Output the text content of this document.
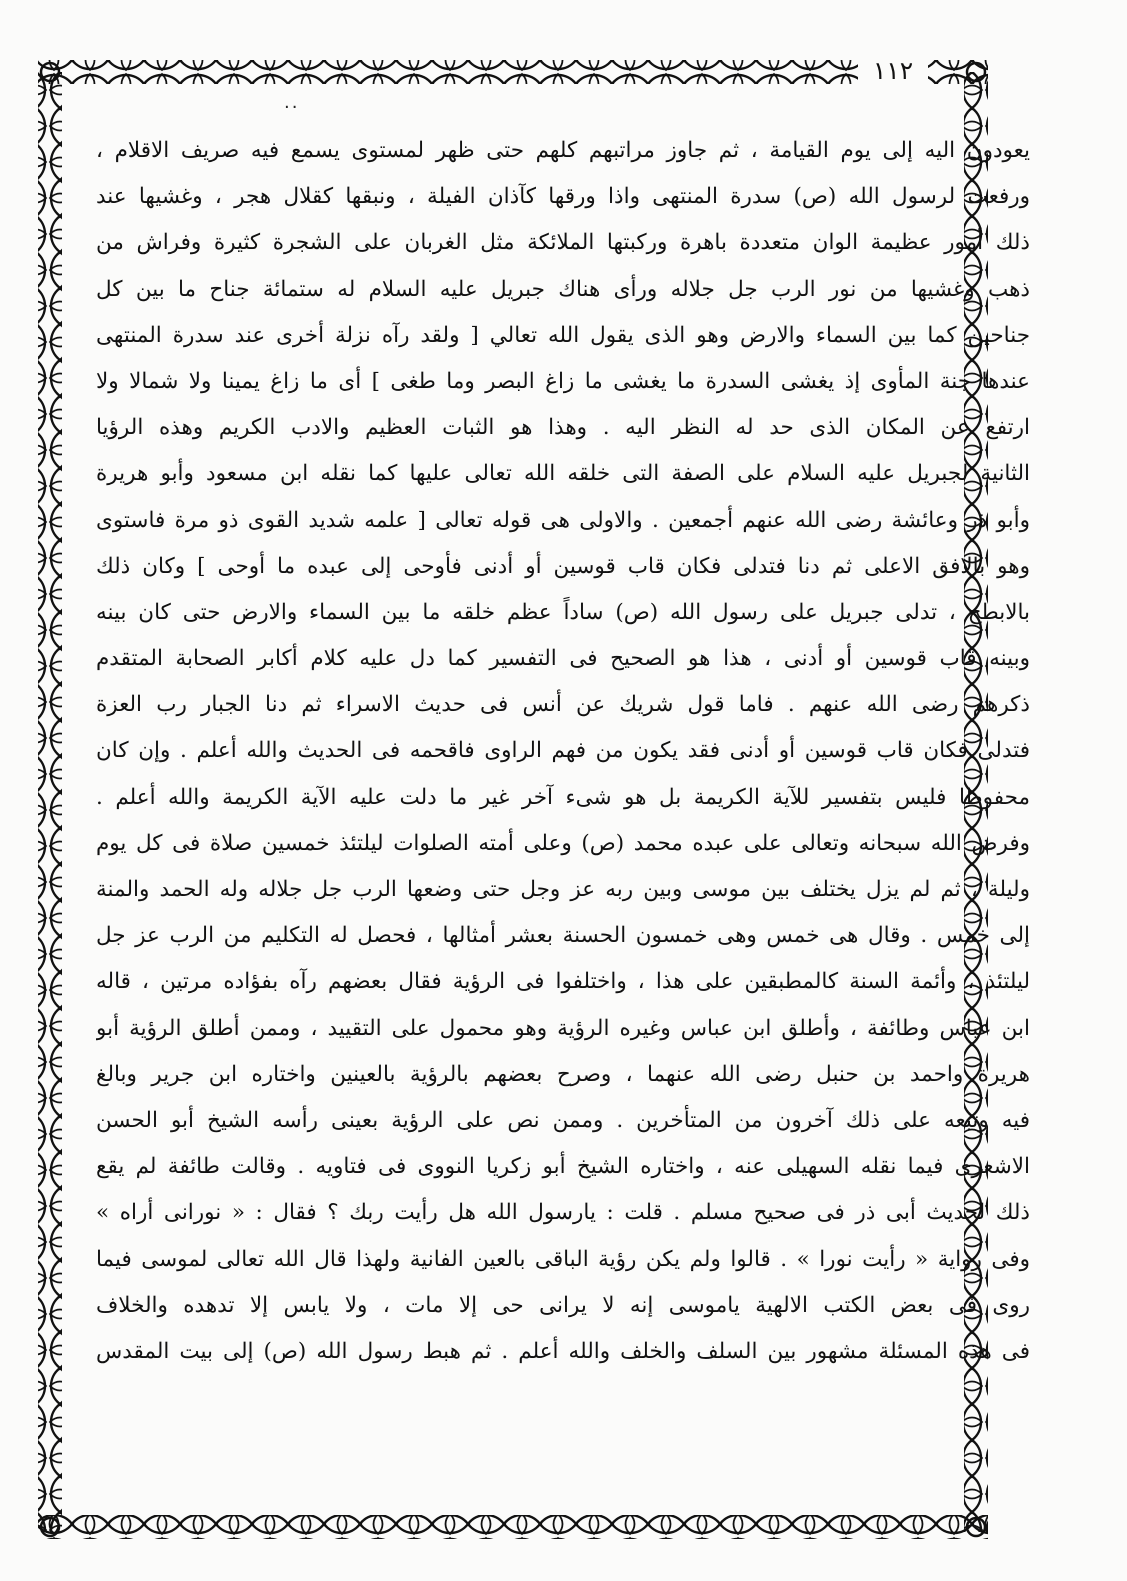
١١٢
..
يعودون اليه إلى يوم القيامة ، ثم جاوز مراتبهم كلهم حتى ظهر لمستوى يسمع فيه صريف الاقلام ،
ورفعت لرسول الله (ص) سدرة المنتهى واذا ورقها كآذان الفيلة ، ونبقها كقلال هجر ، وغشيها عند
ذلك أمور عظيمة الوان متعددة باهرة وركبتها الملائكة مثل الغربان على الشجرة كثيرة وفراش من
ذهب وغشيها من نور الرب جل جلاله ورأى هناك جبريل عليه السلام له ستمائة جناح ما بين كل
جناحين كما بين السماء والارض وهو الذى يقول الله تعالي [ ولقد رآه نزلة أخرى عند سدرة المنتهى
عندها جنة المأوى إذ يغشى السدرة ما يغشى ما زاغ البصر وما طغى ] أى ما زاغ يمينا ولا شمالا ولا
ارتفع عن المكان الذى حد له النظر اليه . وهذا هو الثبات العظيم والادب الكريم وهذه الرؤيا
الثانية لجبريل عليه السلام على الصفة التى خلقه الله تعالى عليها كما نقله ابن مسعود وأبو هريرة
وأبو ذر وعائشة رضى الله عنهم أجمعين . والاولى هى قوله تعالى [ علمه شديد القوى ذو مرة فاستوى
وهو بالافق الاعلى ثم دنا فتدلى فكان قاب قوسين أو أدنى فأوحى إلى عبده ما أوحى ] وكان ذلك
بالابطح ، تدلى جبريل على رسول الله (ص) ساداً عظم خلقه ما بين السماء والارض حتى كان بينه
وبينه قاب قوسين أو أدنى ، هذا هو الصحيح فى التفسير كما دل عليه كلام أكابر الصحابة المتقدم
ذكرهم رضى الله عنهم . فاما قول شريك عن أنس فى حديث الاسراء ثم دنا الجبار رب العزة
فتدلى فكان قاب قوسين أو أدنى فقد يكون من فهم الراوى فاقحمه فى الحديث والله أعلم . وإن كان
محفوظا فليس بتفسير للآية الكريمة بل هو شىء آخر غير ما دلت عليه الآية الكريمة والله أعلم .
وفرض الله سبحانه وتعالى على عبده محمد (ص) وعلى أمته الصلوات ليلتئذ خمسين صلاة فى كل يوم
وليلة ، ثم لم يزل يختلف بين موسى وبين ربه عز وجل حتى وضعها الرب جل جلاله وله الحمد والمنة
إلى خمس . وقال هى خمس وهى خمسون الحسنة بعشر أمثالها ، فحصل له التكليم من الرب عز جل
ليلتئذ ، وأئمة السنة كالمطبقين على هذا ، واختلفوا فى الرؤية فقال بعضهم رآه بفؤاده مرتين ، قاله
ابن عباس وطائفة ، وأطلق ابن عباس وغيره الرؤية وهو محمول على التقييد ، وممن أطلق الرؤية أبو
هريرة واحمد بن حنبل رضى الله عنهما ، وصرح بعضهم بالرؤية بالعينين واختاره ابن جرير وبالغ
فيه وتبعه على ذلك آخرون من المتأخرين . وممن نص على الرؤية بعينى رأسه الشيخ أبو الحسن
الاشعرى فيما نقله السهيلى عنه ، واختاره الشيخ أبو زكريا النووى فى فتاويه . وقالت طائفة لم يقع
ذلك لحديث أبى ذر فى صحيح مسلم . قلت : يارسول الله هل رأيت ربك ؟ فقال : « نورانى أراه »
وفى رواية « رأيت نورا » . قالوا ولم يكن رؤية الباقى بالعين الفانية ولهذا قال الله تعالى لموسى فيما
روى فى بعض الكتب الالهية ياموسى إنه لا يرانى حى إلا مات ، ولا يابس إلا تدهده والخلاف
فى هذه المسئلة مشهور بين السلف والخلف والله أعلم . ثم هبط رسول الله (ص) إلى بيت المقدس
